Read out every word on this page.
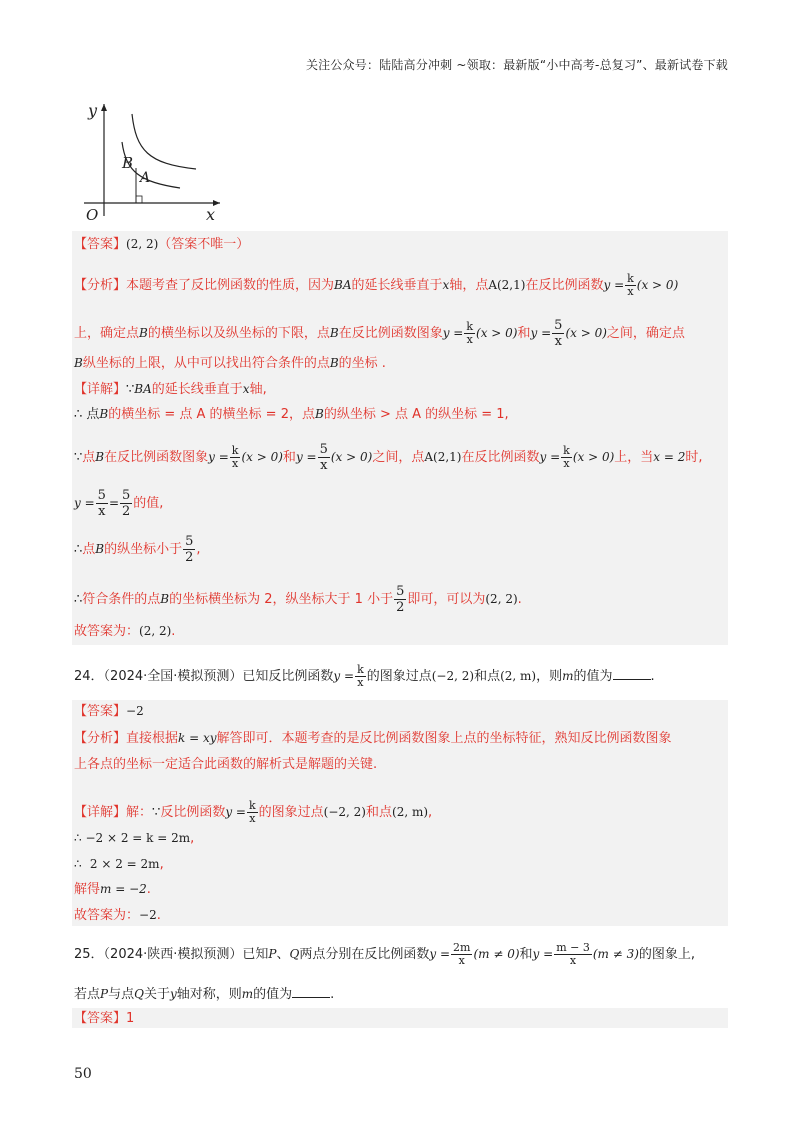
关注公众号：陆陆高分冲刺 ~领取：最新版“小中高考-总复习”、最新试卷下载
y
x
O
B
A
【答案】(2, 2)（答案不唯一）
【分析】本题考查了反比例函数的性质，因为BA的延长线垂直于x轴，点A(2,1)在反比例函数$y = \frac{k}{x} (x > 0)$
上，确定点B的横坐标以及纵坐标的下限，点B在反比例函数图象$y = \frac{k}{x} (x > 0)$和$y = \frac{5}{x} (x > 0)$之间，确定点
B纵坐标的上限，从中可以找出符合条件的点B的坐标 .
【详解】∵BA的延长线垂直于x轴,
∴ 点B的横坐标 = 点 A 的横坐标 = 2，点B的纵坐标 > 点 A 的纵坐标 = 1,
∵点B在反比例函数图象$y = \frac{k}{x} (x > 0)$和$y = \frac{5}{x} (x > 0)$之间，点A(2,1)在反比例函数$y = \frac{k}{x} (x > 0)$上，当x = 2时,
$y = \frac{5}{x} = \frac{5}{2}$ 的值,
∴点B的纵坐标小于 $\frac{5}{2}$ ,
∴符合条件的点B的坐标横坐标为 2，纵坐标大于 1 小于 $\frac{5}{2}$ 即可，可以为(2, 2).
故答案为：(2, 2).
24．（2024·全国·模拟预测）已知反比例函数$y = \frac{k}{x}$ 的图象过点(−2, 2)和点(2, m)，则m的值为	.
【答案】−2
【分析】直接根据k = xy解答即可．本题考查的是反比例函数图象上点的坐标特征，熟知反比例函数图象
上各点的坐标一定适合此函数的解析式是解题的关键.
【详解】解：∵反比例函数$y = \frac{k}{x}$ 的图象过点(−2, 2)和点(2, m),
∴ −2 × 2 = k = 2m,
∴ 2 × 2 = 2m,
解得m = −2.
故答案为：−2.
25．（2024·陕西·模拟预测）已知P、Q两点分别在反比例函数$y = \frac{2m}{x} (m \ne 0)$和$y = \frac{m - 3}{x} (m \ne 3)$的图象上,
若点P与点Q关于y轴对称，则m的值为	.
【答案】1
50
